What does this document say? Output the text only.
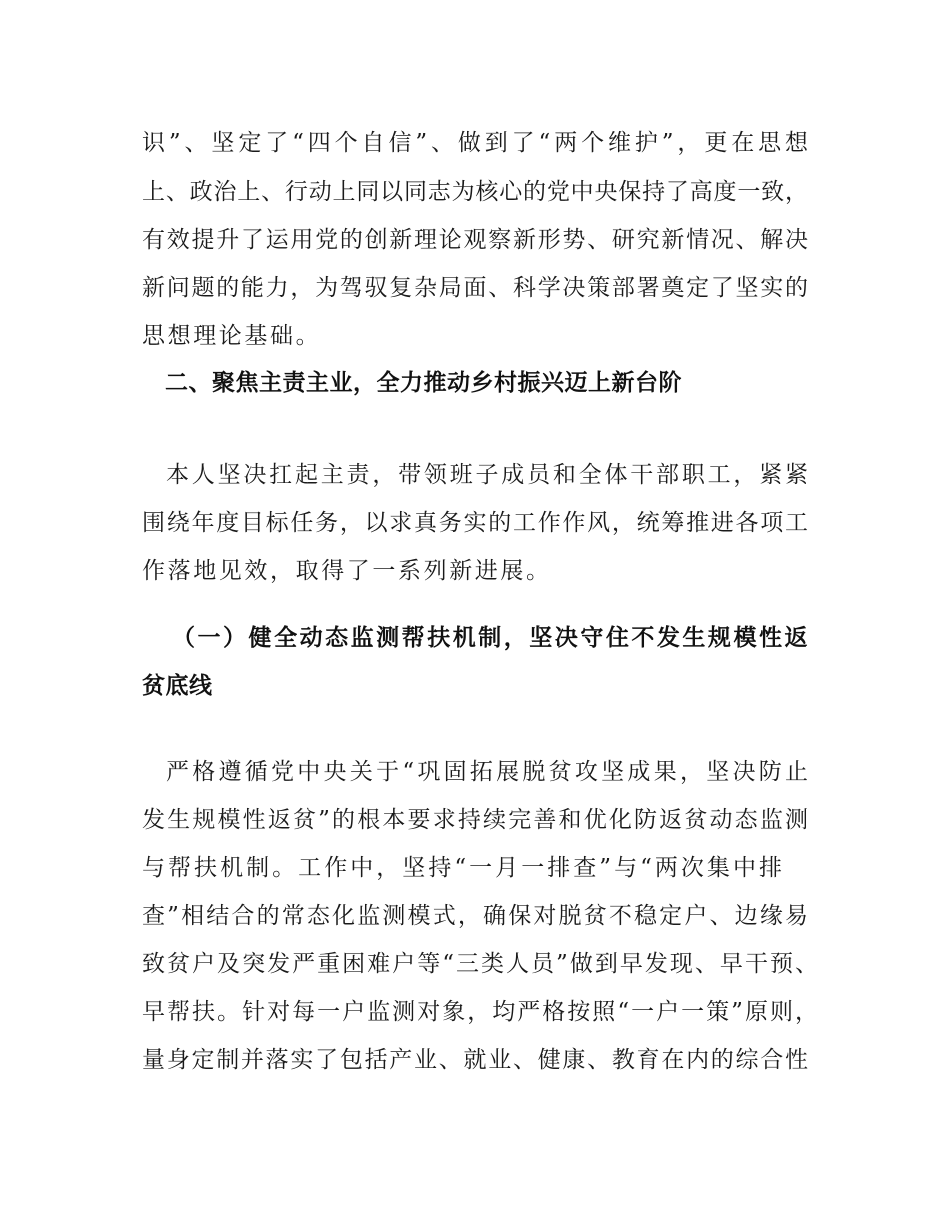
识”、坚定了“四个自信”、做到了“两个维护”，更在思想
上、政治上、行动上同以同志为核心的党中央保持了高度一致，
有效提升了运用党的创新理论观察新形势、研究新情况、解决
新问题的能力，为驾驭复杂局面、科学决策部署奠定了坚实的
思想理论基础。
二、聚焦主责主业，全力推动乡村振兴迈上新台阶
本人坚决扛起主责，带领班子成员和全体干部职工，紧紧
围绕年度目标任务，以求真务实的工作作风，统筹推进各项工
作落地见效，取得了一系列新进展。
（一）健全动态监测帮扶机制，坚决守住不发生规模性返
贫底线
严格遵循党中央关于“巩固拓展脱贫攻坚成果，坚决防止
发生规模性返贫”的根本要求持续完善和优化防返贫动态监测
与帮扶机制。工作中，坚持“一月一排查”与“两次集中排
查”相结合的常态化监测模式，确保对脱贫不稳定户、边缘易
致贫户及突发严重困难户等“三类人员”做到早发现、早干预、
早帮扶。针对每一户监测对象，均严格按照“一户一策”原则，
量身定制并落实了包括产业、就业、健康、教育在内的综合性
